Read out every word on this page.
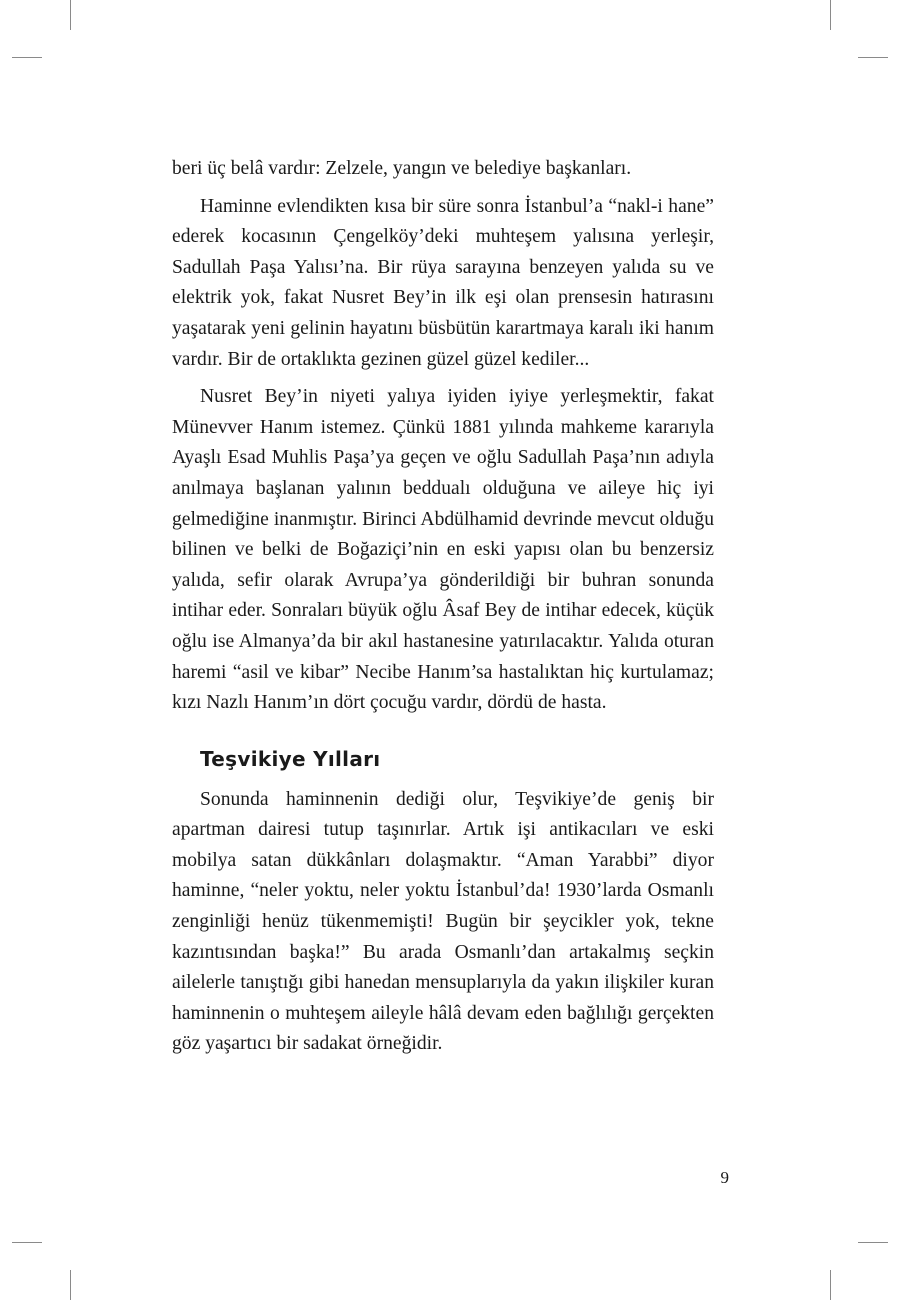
beri üç belâ vardır: Zelzele, yangın ve belediye başkanları.

Haminne evlendikten kısa bir süre sonra İstanbul’a “nakl-i hane” ederek kocasının Çengelköy’deki muhteşem yalısına yerleşir, Sadullah Paşa Yalısı’na. Bir rüya sarayına benzeyen yalıda su ve elektrik yok, fakat Nusret Bey’in ilk eşi olan prensesin hatırasını yaşatarak yeni gelinin hayatını büsbütün karartmaya karalı iki hanım vardır. Bir de ortaklıkta gezinen güzel güzel kediler...

Nusret Bey’in niyeti yalıya iyiden iyiye yerleşmektir, fakat Münevver Hanım istemez. Çünkü 1881 yılında mahkeme kararıyla Ayaşlı Esad Muhlis Paşa’ya geçen ve oğlu Sadullah Paşa’nın adıyla anılmaya başlanan yalının beddualı olduğuna ve aileye hiç iyi gelmediğine inanmıştır. Birinci Abdülhamid devrinde mevcut olduğu bilinen ve belki de Boğaziçi’nin en eski yapısı olan bu benzersiz yalıda, sefir olarak Avrupa’ya gönderildiği bir buhran sonunda intihar eder. Sonraları büyük oğlu Âsaf Bey de intihar edecek, küçük oğlu ise Almanya’da bir akıl hastanesine yatırılacaktır. Yalıda oturan haremi “asil ve kibar” Necibe Hanım’sa hastalıktan hiç kurtulamaz; kızı Nazlı Hanım’ın dört çocuğu vardır, dördü de hasta.

Teşvikiye Yılları

Sonunda haminnenin dediği olur, Teşvikiye’de geniş bir apartman dairesi tutup taşınırlar. Artık işi antikacıları ve eski mobilya satan dükkânları dolaşmaktır. “Aman Yarabbi” diyor haminne, “neler yoktu, neler yoktu İstanbul’da! 1930’larda Osmanlı zenginliği henüz tükenmemişti! Bugün bir şeycikler yok, tekne kazıntısından başka!” Bu arada Osmanlı’dan artakalmış seçkin ailelerle tanıştığı gibi hanedan mensuplarıyla da yakın ilişkiler kuran haminnenin o muhteşem aileyle hâlâ devam eden bağlılığı gerçekten göz yaşartıcı bir sadakat örneğidir.

9
